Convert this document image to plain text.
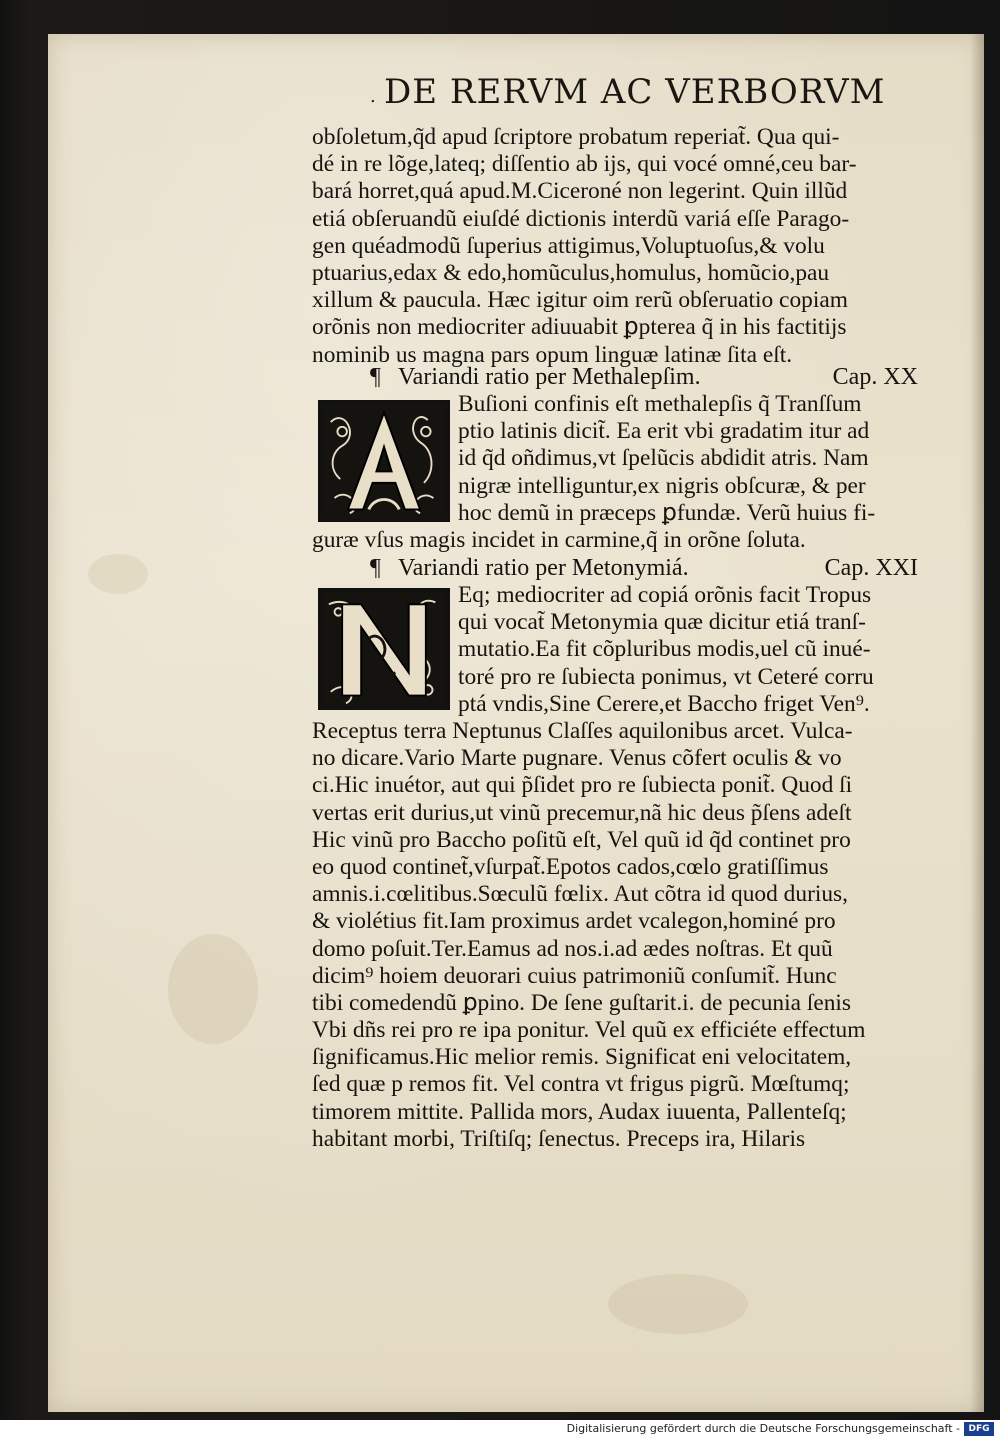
. DE RERVM AC VERBORVM
obſoletum,q̃d apud ſcriptore probatum reperiat̃. Qua qui-
dé in re lõge,lateq; diſſentio ab ijs, qui vocé omné,ceu bar-
bará horret,quá apud.M.Ciceroné non legerint. Quin illũd
etiá obſeruandũ eiuſdé dictionis interdũ variá eſſe Parago-
gen quéadmodũ ſuperius attigimus,Voluptuoſus,& volu
ptuarius,edax & edo,homũculus,homulus, homũcio,pau
xillum & paucula. Hæc igitur oim rerũ obſeruatio copiam
orõnis non mediocriter adiuuabit ꝑpterea q̃ in his factitijs
nominib us magna pars opum linguæ latinæ ſita eſt.
¶ Variandi ratio per Methalepſim.	Cap. XX
Buſioni confinis eſt methalepſis q̃ Tranſſum
ptio latinis dicit̃. Ea erit vbi gradatim itur ad
id q̃d oñdimus,vt ſpelũcis abdidit atris. Nam
nigræ intelliguntur,ex nigris obſcuræ, & per
hoc demũ in præceps ꝑfundæ. Verũ huius fi-
guræ vſus magis incidet in carmine,q̃ in orõne ſoluta.
¶ Variandi ratio per Metonymiá.	Cap. XXI
Eq; mediocriter ad copiá orõnis facit Tropus
qui vocat̃ Metonymia quæ dicitur etiá tranſ-
mutatio.Ea fit cõpluribus modis,uel cũ inué-
toré pro re ſubiecta ponimus, vt Ceteré corru
ptá vndis,Sine Cerere,et Baccho friget Ven⁹.
Receptus terra Neptunus Claſſes aquilonibus arcet. Vulca-
no dicare.Vario Marte pugnare. Venus cõfert oculis & vo
ci.Hic inuétor, aut qui p̃ſidet pro re ſubiecta ponit̃. Quod ſi
vertas erit durius,ut vinũ precemur,nã hic deus p̃ſens adeſt
Hic vinũ pro Baccho poſitũ eſt, Vel quũ id q̃d continet pro
eo quod continet̃,vſurpat̃.Epotos cados,cœlo gratiſſimus
amnis.i.cœlitibus.Sœculũ fœlix. Aut cõtra id quod durius,
& violétius fit.Iam proximus ardet vcalegon,hominé pro
domo poſuit.Ter.Eamus ad nos.i.ad ædes noſtras. Et quũ
dicim⁹ hoiem deuorari cuius patrimoniũ conſumit̃. Hunc
tibi comedendũ ꝑpino. De ſene guſtarit.i. de pecunia ſenis
Vbi dñs rei pro re ipa ponitur. Vel quũ ex efficiéte effectum
ſignificamus.Hic melior remis. Significat eni velocitatem,
ſed quæ p remos fit. Vel contra vt frigus pigrũ. Mœſtumq;
timorem mittite. Pallida mors, Audax iuuenta, Pallenteſq;
habitant morbi, Triſtiſq; ſenectus. Preceps ira, Hilaris
Digitalisierung gefördert durch die Deutsche Forschungsgemeinschaft - DFG
